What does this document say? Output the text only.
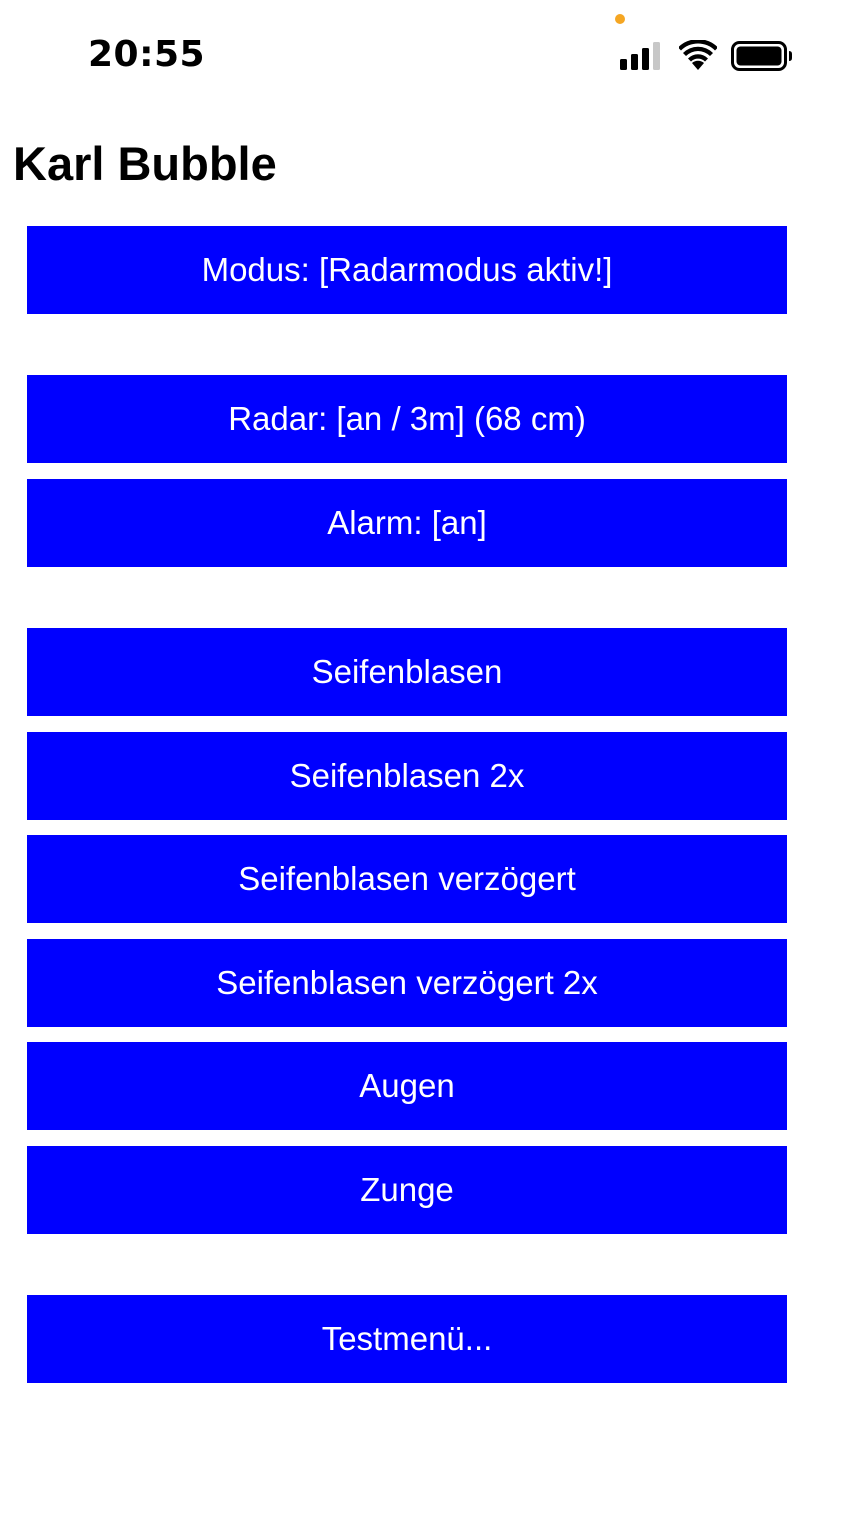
20:55
Karl Bubble
Modus: [Radarmodus aktiv!]
Radar: [an / 3m] (68 cm)
Alarm: [an]
Seifenblasen
Seifenblasen 2x
Seifenblasen verzögert
Seifenblasen verzögert 2x
Augen
Zunge
Testmenü...
